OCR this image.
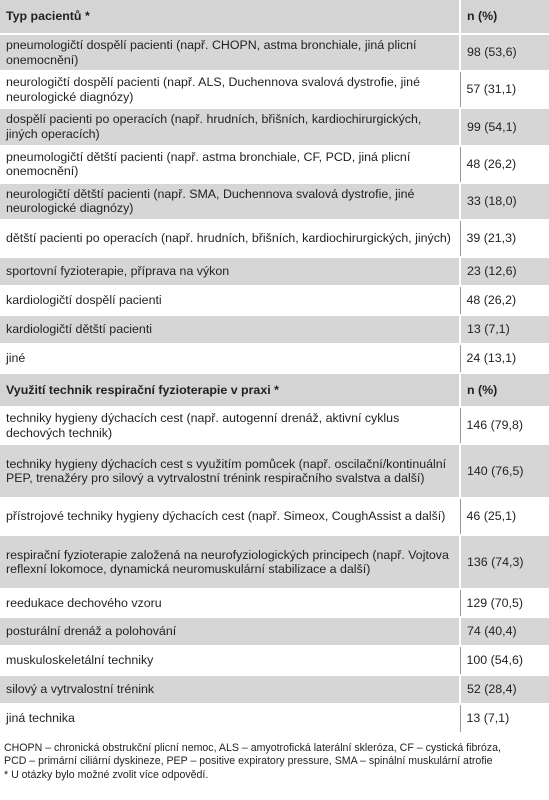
Typ pacientů *	n (%)
pneumologičtí dospělí pacienti (např. CHOPN, astma bronchiale, jiná plicní onemocnění)	98 (53,6)
neurologičtí dospělí pacienti (např. ALS, Duchennova svalová dystrofie, jiné neurologické diagnózy)	57 (31,1)
dospělí pacienti po operacích (např. hrudních, břišních, kardiochirurgických, jiných operacích)	99 (54,1)
pneumologičtí dětští pacienti (např. astma bronchiale, CF, PCD, jiná plicní onemocnění)	48 (26,2)
neurologičtí dětští pacienti (např. SMA, Duchennova svalová dystrofie, jiné neurologické diagnózy)	33 (18,0)
dětští pacienti po operacích (např. hrudních, břišních, kardiochirurgických, jiných)	39 (21,3)
sportovní fyzioterapie, příprava na výkon	23 (12,6)
kardiologičtí dospělí pacienti	48 (26,2)
kardiologičtí dětští pacienti	13 (7,1)
jiné	24 (13,1)
Využití technik respirační fyzioterapie v praxi *	n (%)
techniky hygieny dýchacích cest (např. autogenní drenáž, aktivní cyklus dechových technik)	146 (79,8)
techniky hygieny dýchacích cest s využitím pomůcek (např. oscilační/kontinuální PEP, trenažéry pro silový a vytrvalostní trénink respiračního svalstva a další)	140 (76,5)
přístrojové techniky hygieny dýchacích cest (např. Simeox, CoughAssist a další)	46 (25,1)
respirační fyzioterapie založená na neurofyziologických principech (např. Vojtova reflexní lokomoce, dynamická neuromuskulární stabilizace a další)	136 (74,3)
reedukace dechového vzoru	129 (70,5)
posturální drenáž a polohování	74 (40,4)
muskuloskeletální techniky	100 (54,6)
silový a vytrvalostní trénink	52 (28,4)
jiná technika	13 (7,1)
CHOPN – chronická obstrukční plicní nemoc, ALS – amyotrofická laterální skleróza, CF – cystická fibróza,
PCD – primární ciliární dyskineze, PEP – positive expiratory pressure, SMA – spinální muskulární atrofie
* U otázky bylo možné zvolit více odpovědí.
